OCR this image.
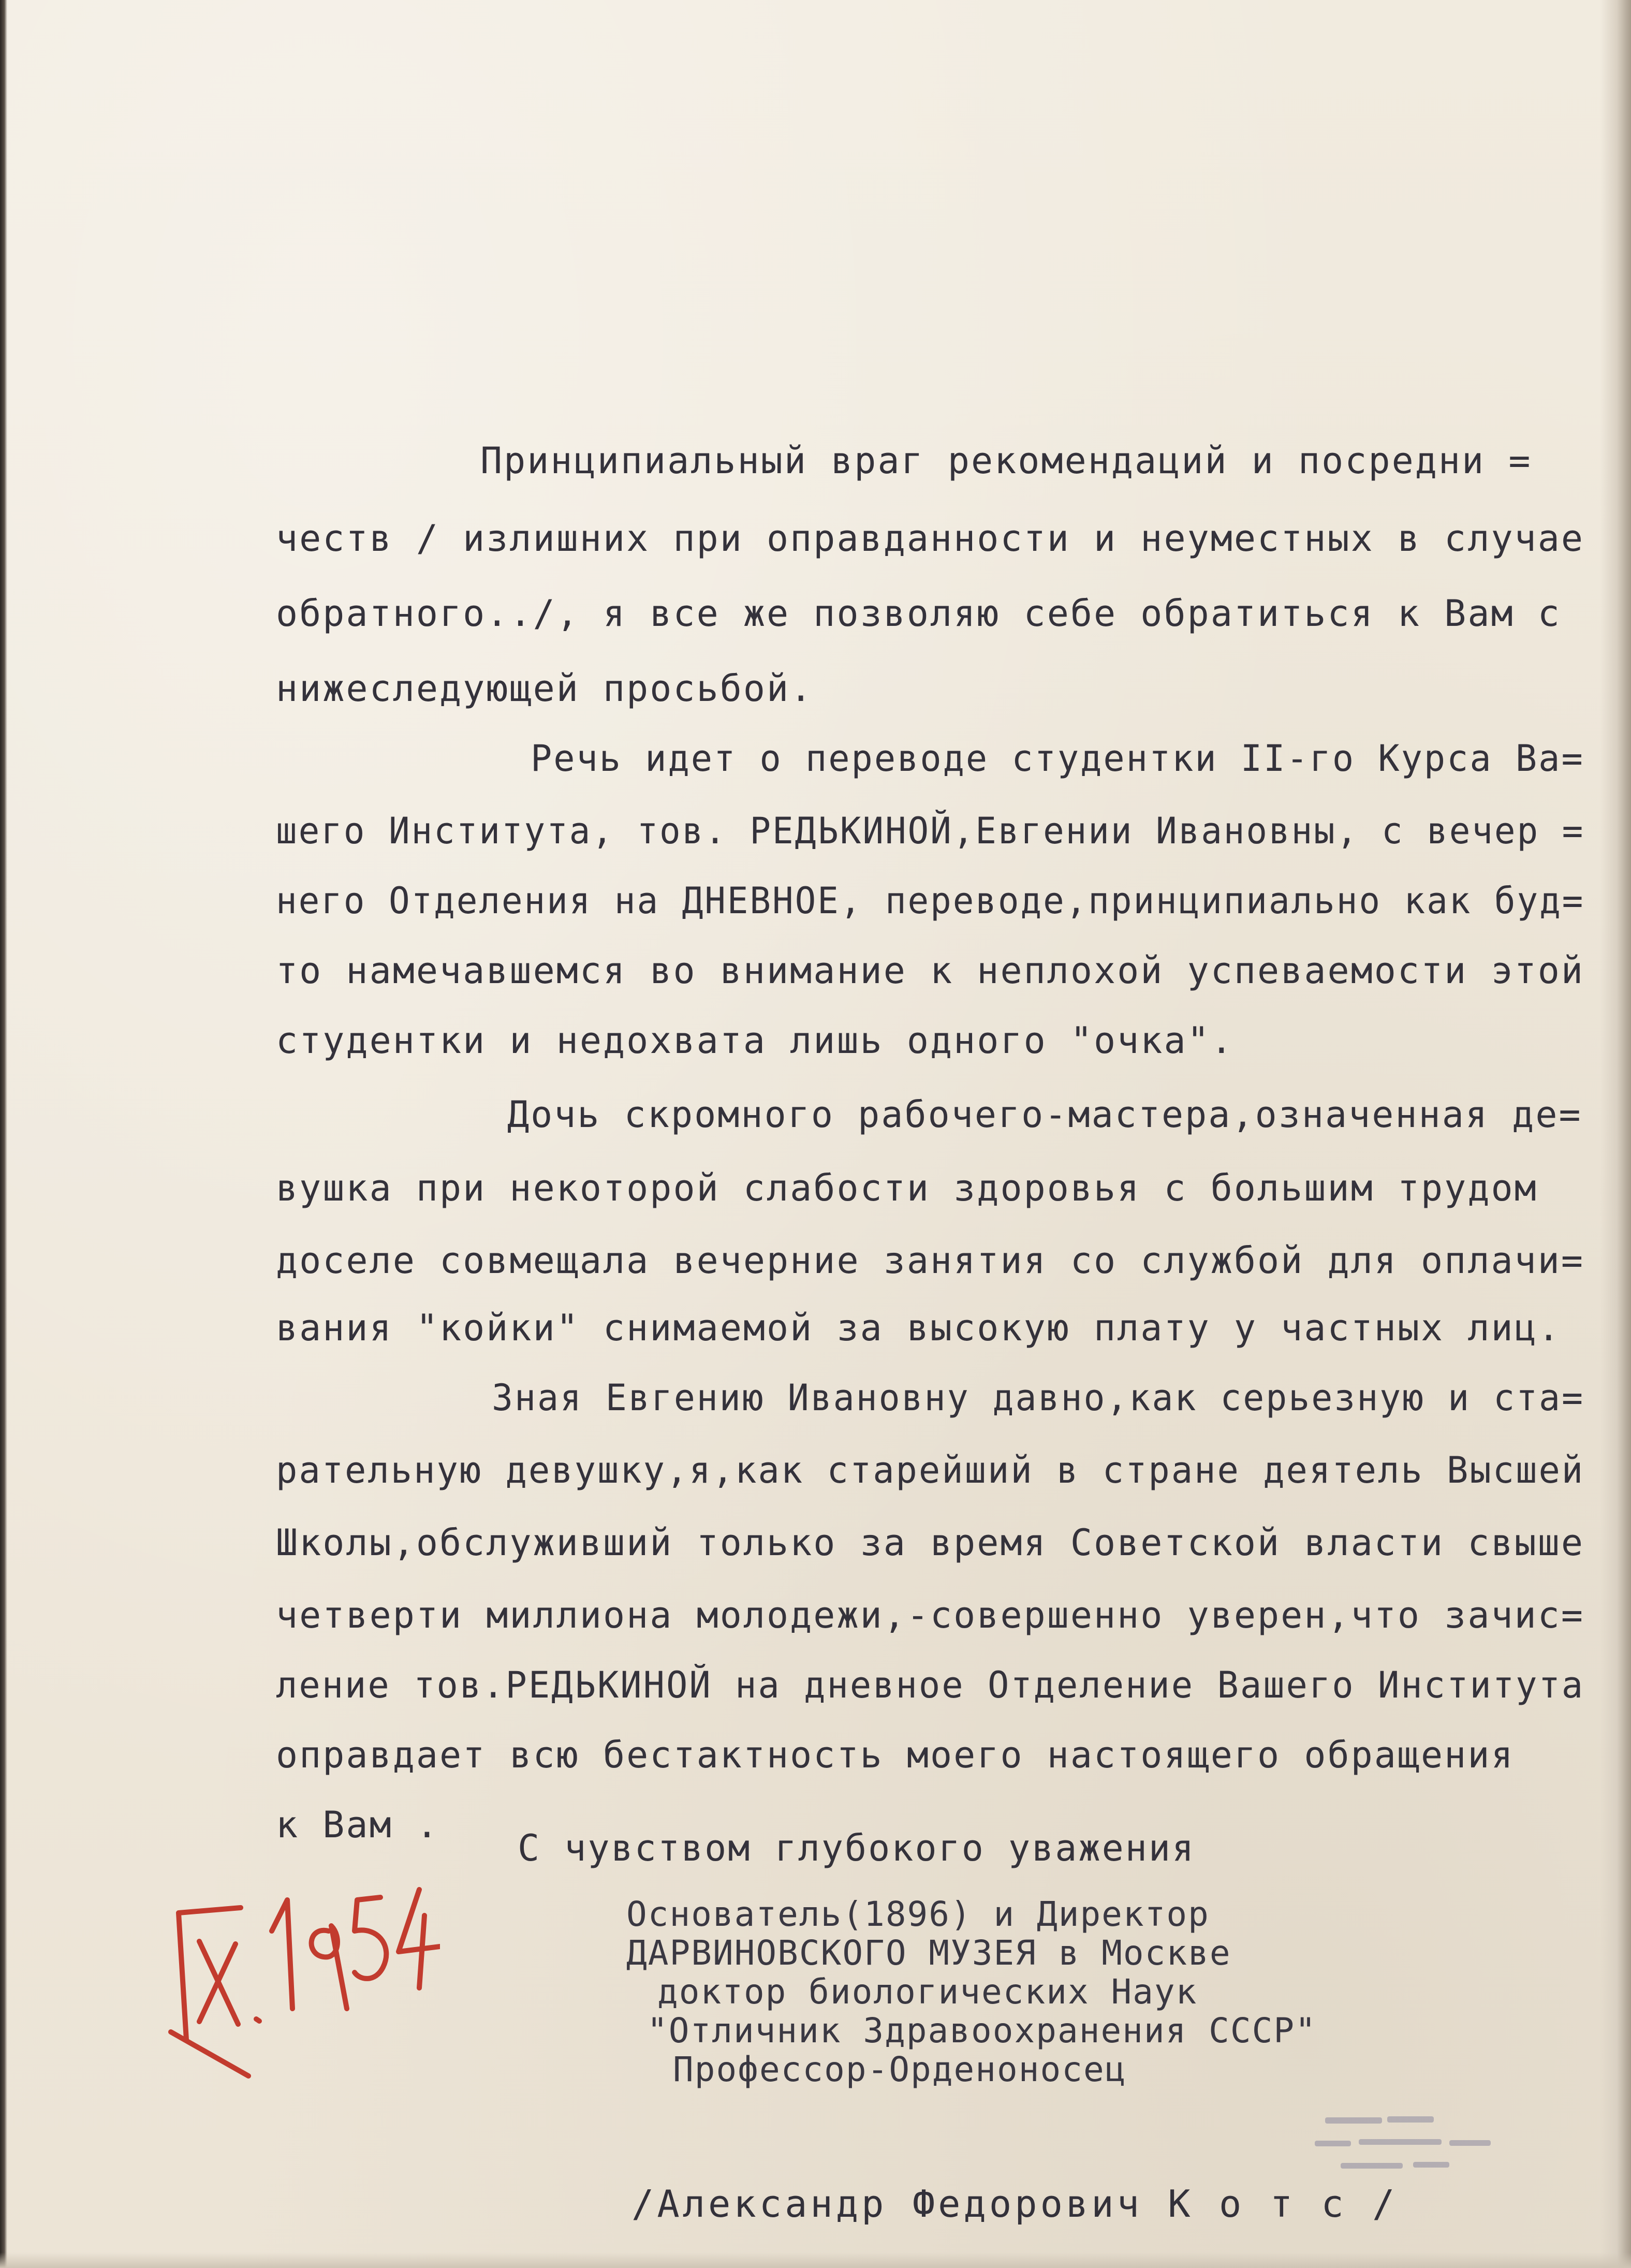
Принципиальный враг рекомендаций и посредни =
честв / излишних при оправданности и неуместных в случае
обратного../, я все же позволяю себе обратиться к Вам с
нижеследующей просьбой.
Речь идет о переводе студентки II-го Курса Ва=
шего Института, тов. РЕДЬКИНОЙ,Евгении Ивановны, с вечер =
него Отделения на ДНЕВНОЕ, переводе,принципиально как буд=
то намечавшемся во внимание к неплохой успеваемости этой
студентки и недохвата лишь одного "очка".
Дочь скромного рабочего-мастера,означенная де=
вушка при некоторой слабости здоровья с большим трудом
доселе совмещала вечерние занятия со службой для оплачи=
вания "койки" снимаемой за высокую плату у частных лиц.
Зная Евгению Ивановну давно,как серьезную и ста=
рательную девушку,я,как старейший в стране деятель Высшей
Школы,обслуживший только за время Советской власти свыше
четверти миллиона молодежи,-совершенно уверен,что зачис=
ление тов.РЕДЬКИНОЙ на дневное Отделение Вашего Института
оправдает всю бестактность моего настоящего обращения
к Вам .
С чувством глубокого уважения
Основатель(1896) и Директор
ДАРВИНОВСКОГО МУЗЕЯ в Москве
доктор биологических Наук
"Отличник Здравоохранения СССР"
Профессор-Орденоносец
/Александр Федорович К о т с /
